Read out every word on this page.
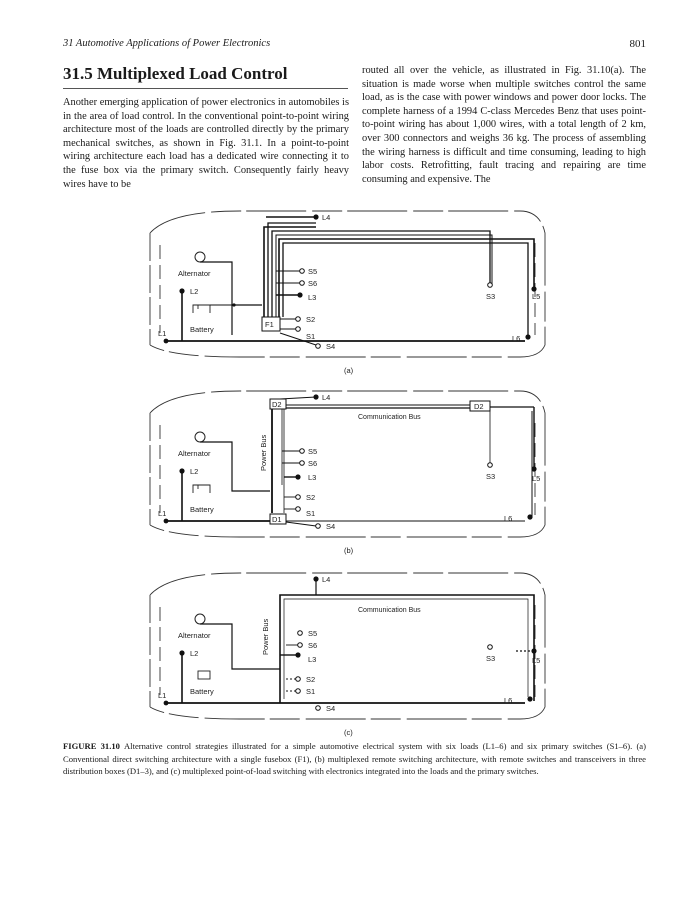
31 Automotive Applications of Power Electronics	801
31.5 Multiplexed Load Control

Another emerging application of power electronics in automobiles is in the area of load control. In the conventional point-to-point wiring architecture most of the loads are controlled directly by the primary mechanical switches, as shown in Fig. 31.1. In a point-to-point wiring architecture each load has a dedicated wire connecting it to the fuse box via the primary switch. Consequently fairly heavy wires have to be

routed all over the vehicle, as illustrated in Fig. 31.10(a). The situation is made worse when multiple switches control the same load, as is the case with power windows and power door locks. The complete harness of a 1994 C-class Mercedes Benz that uses point-to-point wiring has about 1,000 wires, with a total length of 2 km, over 300 connectors and weighs 36 kg. The process of assembling the wiring harness is difficult and time consuming, leading to high labor costs. Retrofitting, fault tracing and repairing are time consuming and expensive. The

Alternator
L2
Battery
L1
F1
L4
S5
S6
L3
S2
S1
S4
S3	L5
L6
(a)
Alternator
L2
Battery
L1
Power Bus
D1
D2	D2
Communication Bus
L4
S5
S6
L3
S2
S1
S4
S3	L5
L6
(b)
Alternator
L2
Battery
L1
Power Bus
Communication Bus
L4
S5
S6
L3
S2
S1
S4
S3	L5
L6
(c)

FIGURE 31.10 Alternative control strategies illustrated for a simple automotive electrical system with six loads (L1–6) and six primary switches (S1–6). (a) Conventional direct switching architecture with a single fusebox (F1), (b) multiplexed remote switching architecture, with remote switches and transceivers in three distribution boxes (D1–3), and (c) multiplexed point-of-load switching with electronics integrated into the loads and the primary switches.
